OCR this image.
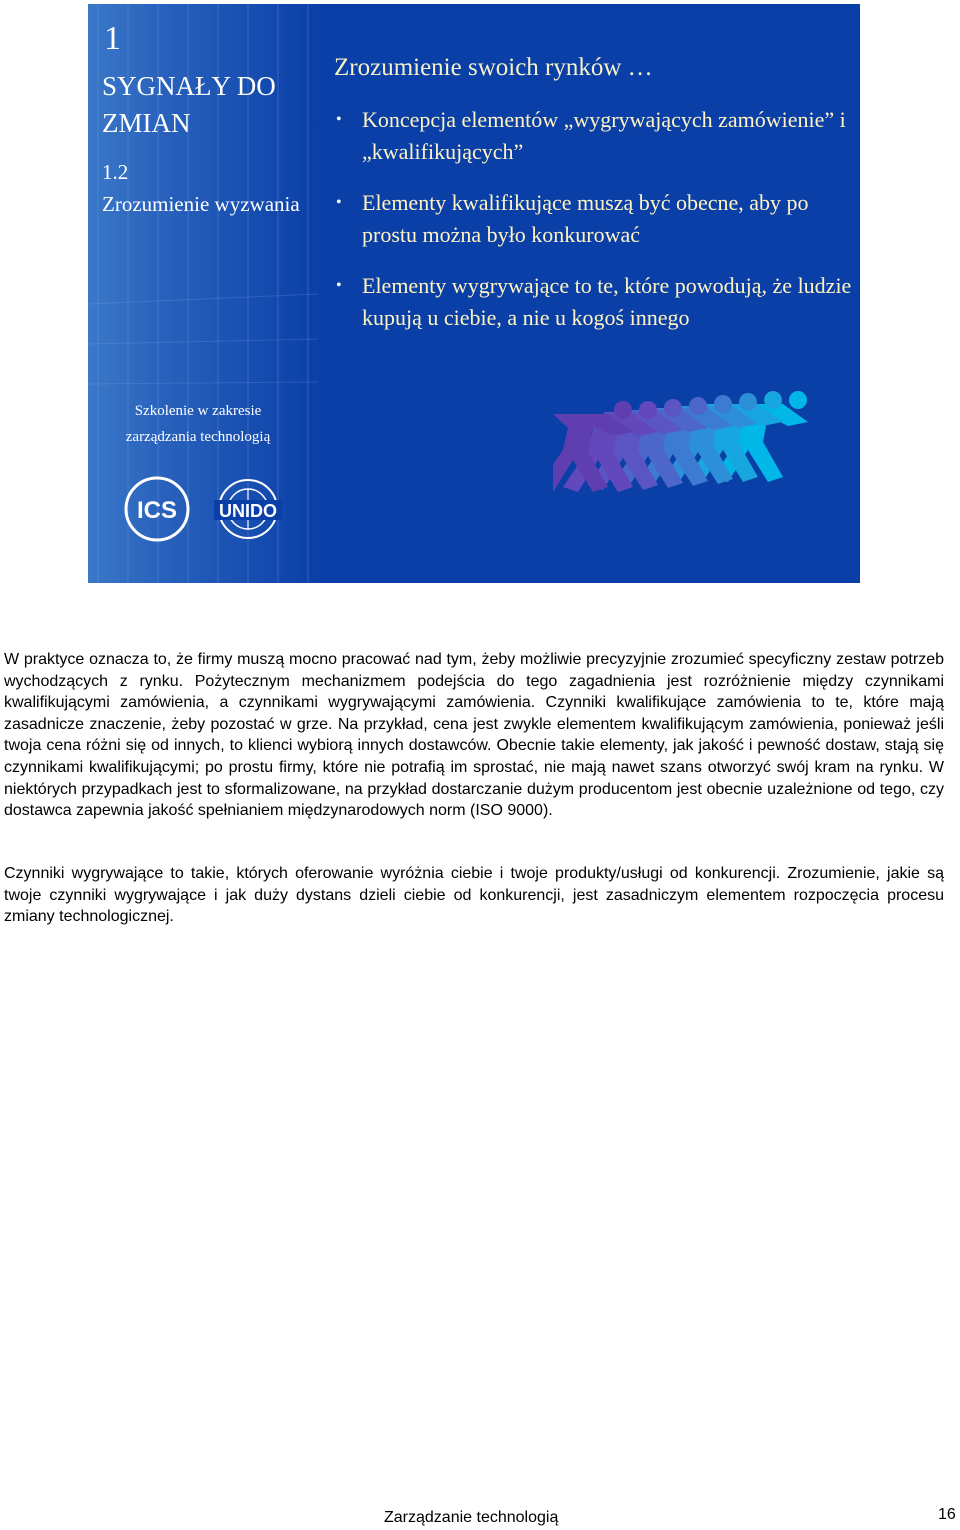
1
SYGNAŁY DO ZMIAN
1.2
Zrozumienie wyzwania
Zrozumienie swoich rynków …
• Koncepcja elementów „wygrywających zamówienie” i „kwalifikujących”
• Elementy kwalifikujące muszą być obecne, aby po prostu można było konkurować
• Elementy wygrywające to te, które powodują, że ludzie kupują u ciebie, a nie u kogoś innego
Szkolenie w zakresie zarządzania technologią
ICS UNIDO

W praktyce oznacza to, że firmy muszą mocno pracować nad tym, żeby możliwie precyzyjnie zrozumieć specyficzny zestaw potrzeb wychodzących z rynku. Pożytecznym mechanizmem podejścia do tego zagadnienia jest rozróżnienie między czynnikami kwalifikującymi zamówienia, a czynnikami wygrywającymi zamówienia. Czynniki kwalifikujące zamówienia to te, które mają zasadnicze znaczenie, żeby pozostać w grze. Na przykład, cena jest zwykle elementem kwalifikującym zamówienia, ponieważ jeśli twoja cena różni się od innych, to klienci wybiorą innych dostawców. Obecnie takie elementy, jak jakość i pewność dostaw, stają się czynnikami kwalifikującymi; po prostu firmy, które nie potrafią im sprostać, nie mają nawet szans otworzyć swój kram na rynku. W niektórych przypadkach jest to sformalizowane, na przykład dostarczanie dużym producentom jest obecnie uzależnione od tego, czy dostawca zapewnia jakość spełnianiem międzynarodowych norm (ISO 9000).

Czynniki wygrywające to takie, których oferowanie wyróżnia ciebie i twoje produkty/usługi od konkurencji. Zrozumienie, jakie są twoje czynniki wygrywające i jak duży dystans dzieli ciebie od konkurencji, jest zasadniczym elementem rozpoczęcia procesu zmiany technologicznej.

Zarządzanie technologią	16
